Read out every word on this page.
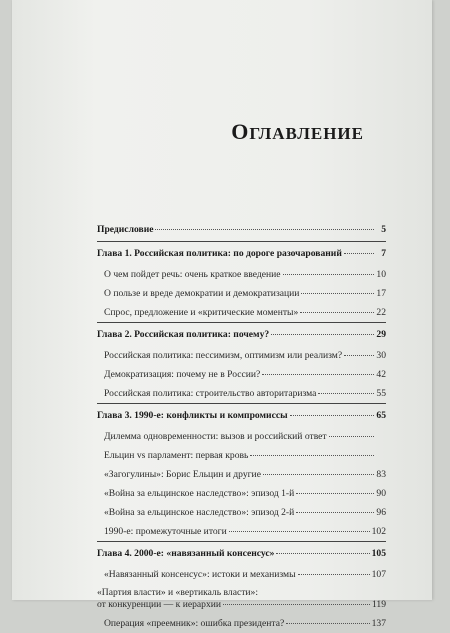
ОГЛАВЛЕНИЕ
Предисловие	5
Глава 1. Российская политика: по дороге разочарований	7
О чем пойдет речь: очень краткое введение	10
О пользе и вреде демократии и демократизации	17
Спрос, предложение и «критические моменты»	22
Глава 2. Российская политика: почему?	29
Российская политика: пессимизм, оптимизм или реализм?	30
Демократизация: почему не в России?	42
Российская политика: строительство авторитаризма	55
Глава 3. 1990-е: конфликты и компромиссы	65
Дилемма одновременности: вызов и российский ответ
Ельцин vs парламент: первая кровь
«Загогулины»: Борис Ельцин и другие	83
«Война за ельцинское наследство»: эпизод 1-й	90
«Война за ельцинское наследство»: эпизод 2-й	96
1990-е: промежуточные итоги	102
Глава 4. 2000-е: «навязанный консенсус»	105
«Навязанный консенсус»: истоки и механизмы	107
«Партия власти» и «вертикаль власти»:
от конкуренции — к иерархии	119
Операция «преемник»: ошибка президента?	137
